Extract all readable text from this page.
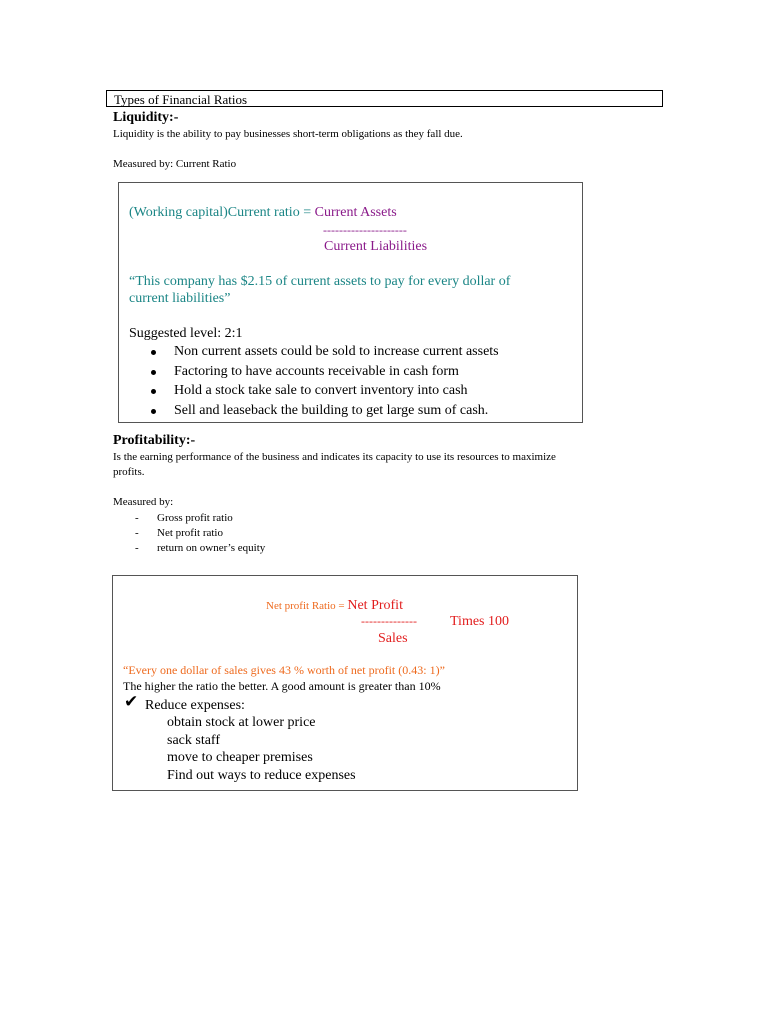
Types of Financial Ratios
Liquidity:-
Liquidity is the ability to pay businesses short-term obligations as they fall due.
Measured by: Current Ratio
(Working capital)Current ratio = Current Assets
---------------------
Current Liabilities
“This company has $2.15 of current assets to pay for every dollar of
current liabilities”
Suggested level: 2:1
Non current assets could be sold to increase current assets
Factoring to have accounts receivable in cash form
Hold a stock take sale to convert inventory into cash
Sell and leaseback the building to get large sum of cash.
Profitability:-
Is the earning performance of the business and indicates its capacity to use its resources to maximize
profits.
Measured by:
- Gross profit ratio
- Net profit ratio
- return on owner’s equity
Net profit Ratio = Net Profit
-------------- Times 100
Sales
“Every one dollar of sales gives 43 % worth of net profit (0.43: 1)”
The higher the ratio the better. A good amount is greater than 10%
✔ Reduce expenses:
obtain stock at lower price
sack staff
move to cheaper premises
Find out ways to reduce expenses
